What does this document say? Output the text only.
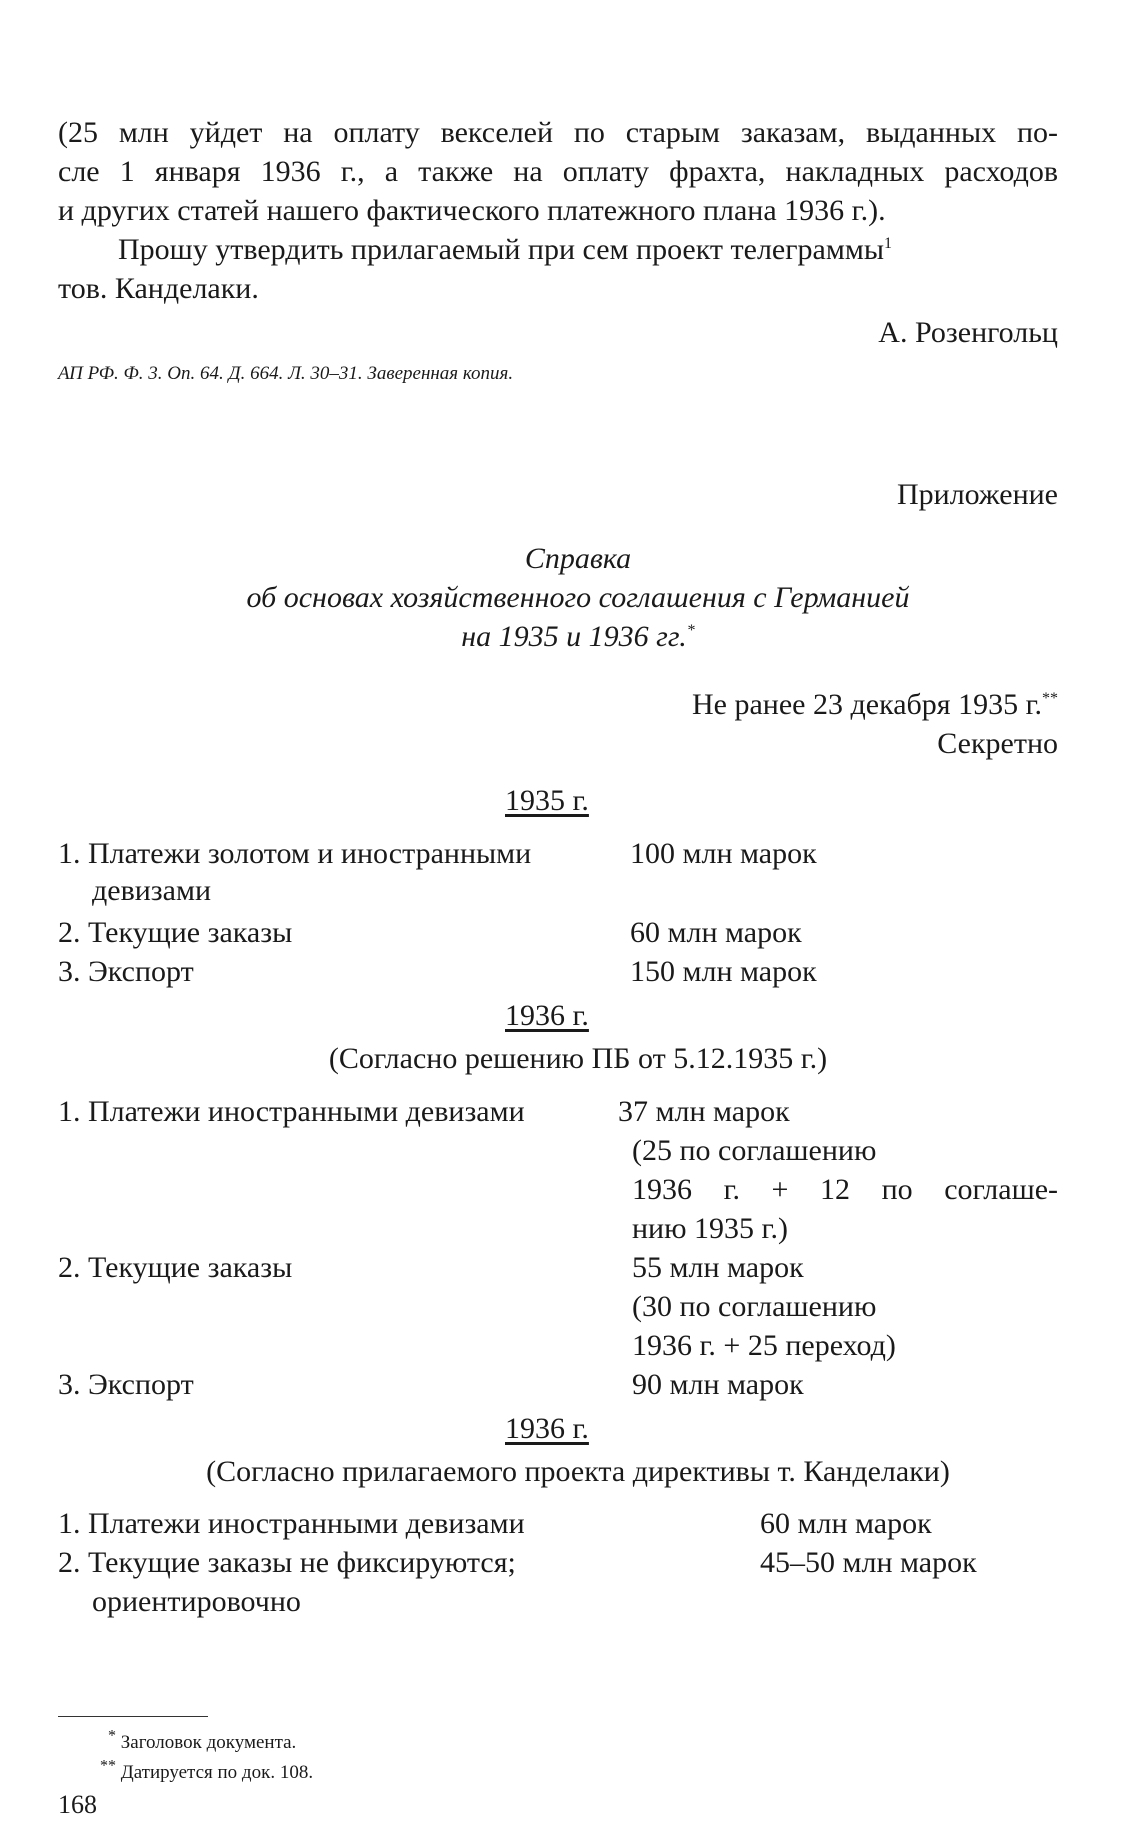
(25 млн уйдет на оплату векселей по старым заказам, выданных по-
сле 1 января 1936 г., а также на оплату фрахта, накладных расходов
и других статей нашего фактического платежного плана 1936 г.).
Прошу утвердить прилагаемый при сем проект телеграммы$^1$
тов. Канделаки.
А. Розенгольц
АП РФ. Ф. 3. Оп. 64. Д. 664. Л. 30–31. Заверенная копия.
Приложение
Справка
об основах хозяйственного соглашения с Германией
на 1935 и 1936 гг.*
Не ранее 23 декабря 1935 г.**
Секретно
1935 г.
1. Платежи золотом и иностранными	100 млн марок
девизами
2. Текущие заказы	60 млн марок
3. Экспорт	150 млн марок
1936 г.
(Согласно решению ПБ от 5.12.1935 г.)
1. Платежи иностранными девизами	37 млн марок
(25 по соглашению
1936 г. + 12 по соглаше-
нию 1935 г.)
2. Текущие заказы	55 млн марок
(30 по соглашению
1936 г. + 25 переход)
3. Экспорт	90 млн марок
1936 г.
(Согласно прилагаемого проекта директивы т. Канделаки)
1. Платежи иностранными девизами	60 млн марок
2. Текущие заказы не фиксируются;	45–50 млн марок
ориентировочно
* Заголовок документа.
** Датируется по док. 108.
168
